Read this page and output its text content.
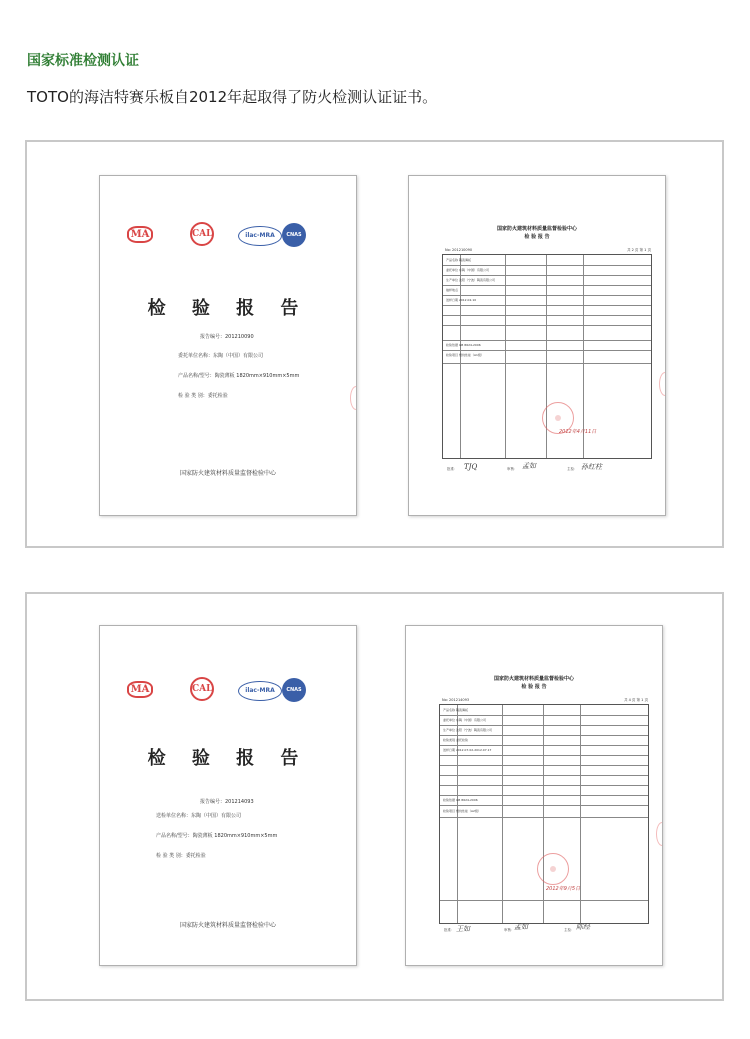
国家标准检测认证
TOTO的海洁特赛乐板自2012年起取得了防火检测认证证书。
MA	CAL	ilac-MRA	CNAS
检 验 报 告
报告编号：201210090
委托单位名称：东陶（中国）有限公司
产品名称/型号：陶瓷薄板 1820mm×910mm×5mm
检 验 类 别：委托检验
国家防火建筑材料质量监督检验中心
国家防火建筑材料质量监督检验中心
检 验 报 告
No: 201210090	共 2 页 第 1 页
产品名称 陶瓷薄板
委托单位 东陶（中国）有限公司
生产单位 沈阳（宁波）陶瓷有限公司
抽样地点
送样日期 2012.02.10
检验依据 GB 8624-2006
检验项目 燃烧性能（A1级）
2012年4月11日
批准： TJQ	审核： 孟如	主检： 孙红柱
MA	CAL	ilac-MRA	CNAS
检 验 报 告
报告编号：201214093
送检单位名称：东陶（中国）有限公司
产品名称/型号：陶瓷薄板 1820mm×910mm×5mm
检 验 类 别：委托检验
国家防火建筑材料质量监督检验中心
国家防火建筑材料质量监督检验中心
检 验 报 告
No: 201214093	共 4 页 第 1 页
产品名称 陶瓷薄板
委托单位 东陶（中国）有限公司
生产单位 沈阳（宁波）陶瓷有限公司
检验类别 委托检验
送样日期 2012.07.02-2012.07.17
检验依据 GB 8624-2006
检验项目 燃烧性能（A2级）
2012年9月5日
批准： 王如	审核： 孟如	主检： 陈经
